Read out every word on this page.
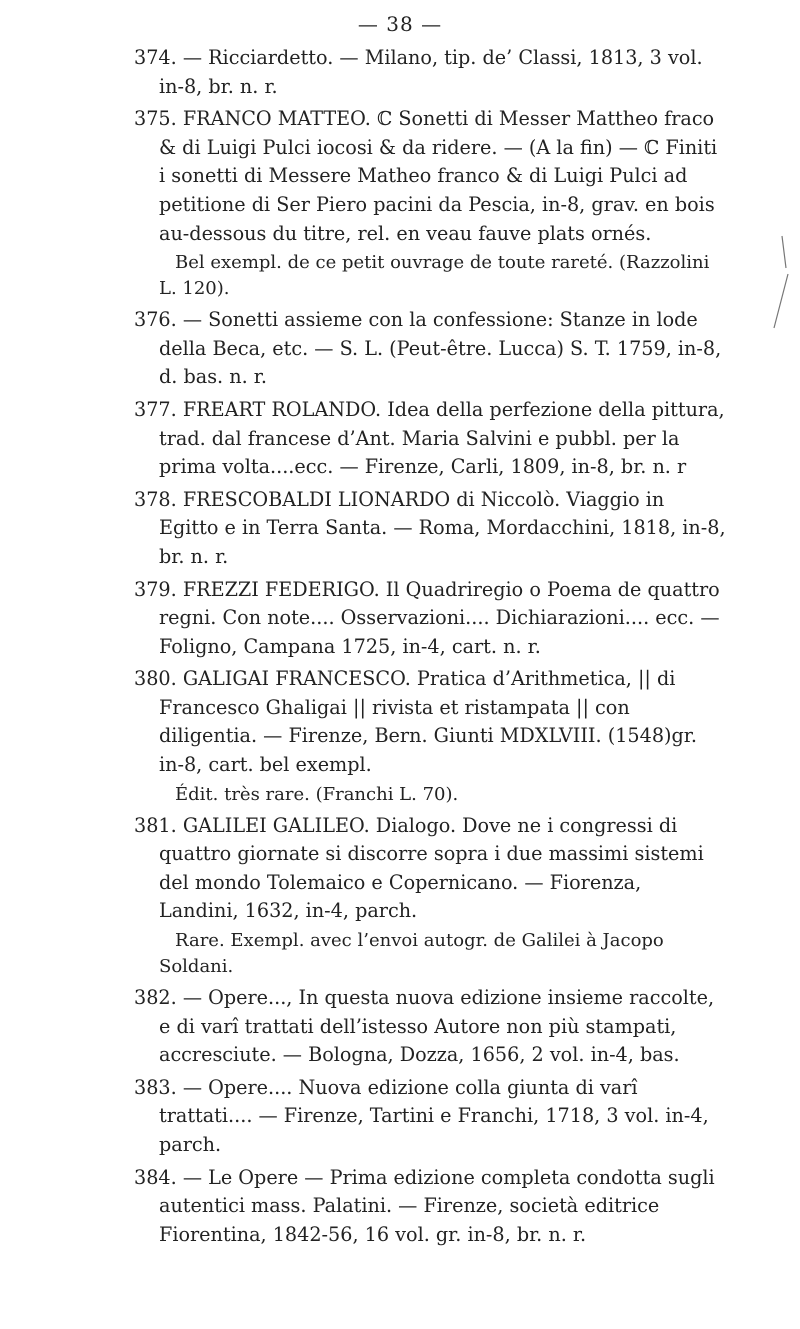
— 38 —
374. — Ricciardetto. — Milano, tip. de’ Classi, 1813, 3 vol. in-8, br. n. r.
375. FRANCO MATTEO. ℂ Sonetti di Messer Mattheo fraco & di Luigi Pulci iocosi & da ridere. — (A la fin) — ℂ Finiti i sonetti di Messere Matheo franco & di Luigi Pulci ad petitione di Ser Piero pacini da Pescia, in-8, grav. en bois au-dessous du titre, rel. en veau fauve plats ornés.
Bel exempl. de ce petit ouvrage de toute rareté. (Razzolini L. 120).
376. — Sonetti assieme con la confessione: Stanze in lode della Beca, etc. — S. L. (Peut-être. Lucca) S. T. 1759, in-8, d. bas. n. r.
377. FREART ROLANDO. Idea della perfezione della pittura, trad. dal francese d’Ant. Maria Salvini e pubbl. per la prima volta....ecc. — Firenze, Carli, 1809, in-8, br. n. r
378. FRESCOBALDI LIONARDO di Niccolò. Viaggio in Egitto e in Terra Santa. — Roma, Mordacchini, 1818, in-8, br. n. r.
379. FREZZI FEDERIGO. Il Quadriregio o Poema de quattro regni. Con note.... Osservazioni.... Dichiarazioni.... ecc. — Foligno, Campana 1725, in-4, cart. n. r.
380. GALIGAI FRANCESCO. Pratica d’Arithmetica, || di Francesco Ghaligai || rivista et ristampata || con diligentia. — Firenze, Bern. Giunti MDXLVIII. (1548)gr. in-8, cart. bel exempl.
Édit. très rare. (Franchi L. 70).
381. GALILEI GALILEO. Dialogo. Dove ne i congressi di quattro giornate si discorre sopra i due massimi sistemi del mondo Tolemaico e Copernicano. — Fiorenza, Landini, 1632, in-4, parch.
Rare. Exempl. avec l’envoi autogr. de Galilei à Jacopo Soldani.
382. — Opere..., In questa nuova edizione insieme raccolte, e di varî trattati dell’istesso Autore non più stampati, accresciute. — Bologna, Dozza, 1656, 2 vol. in-4, bas.
383. — Opere.... Nuova edizione colla giunta di varî trattati.... — Firenze, Tartini e Franchi, 1718, 3 vol. in-4, parch.
384. — Le Opere — Prima edizione completa condotta sugli autentici mass. Palatini. — Firenze, società editrice Fiorentina, 1842-56, 16 vol. gr. in-8, br. n. r.
